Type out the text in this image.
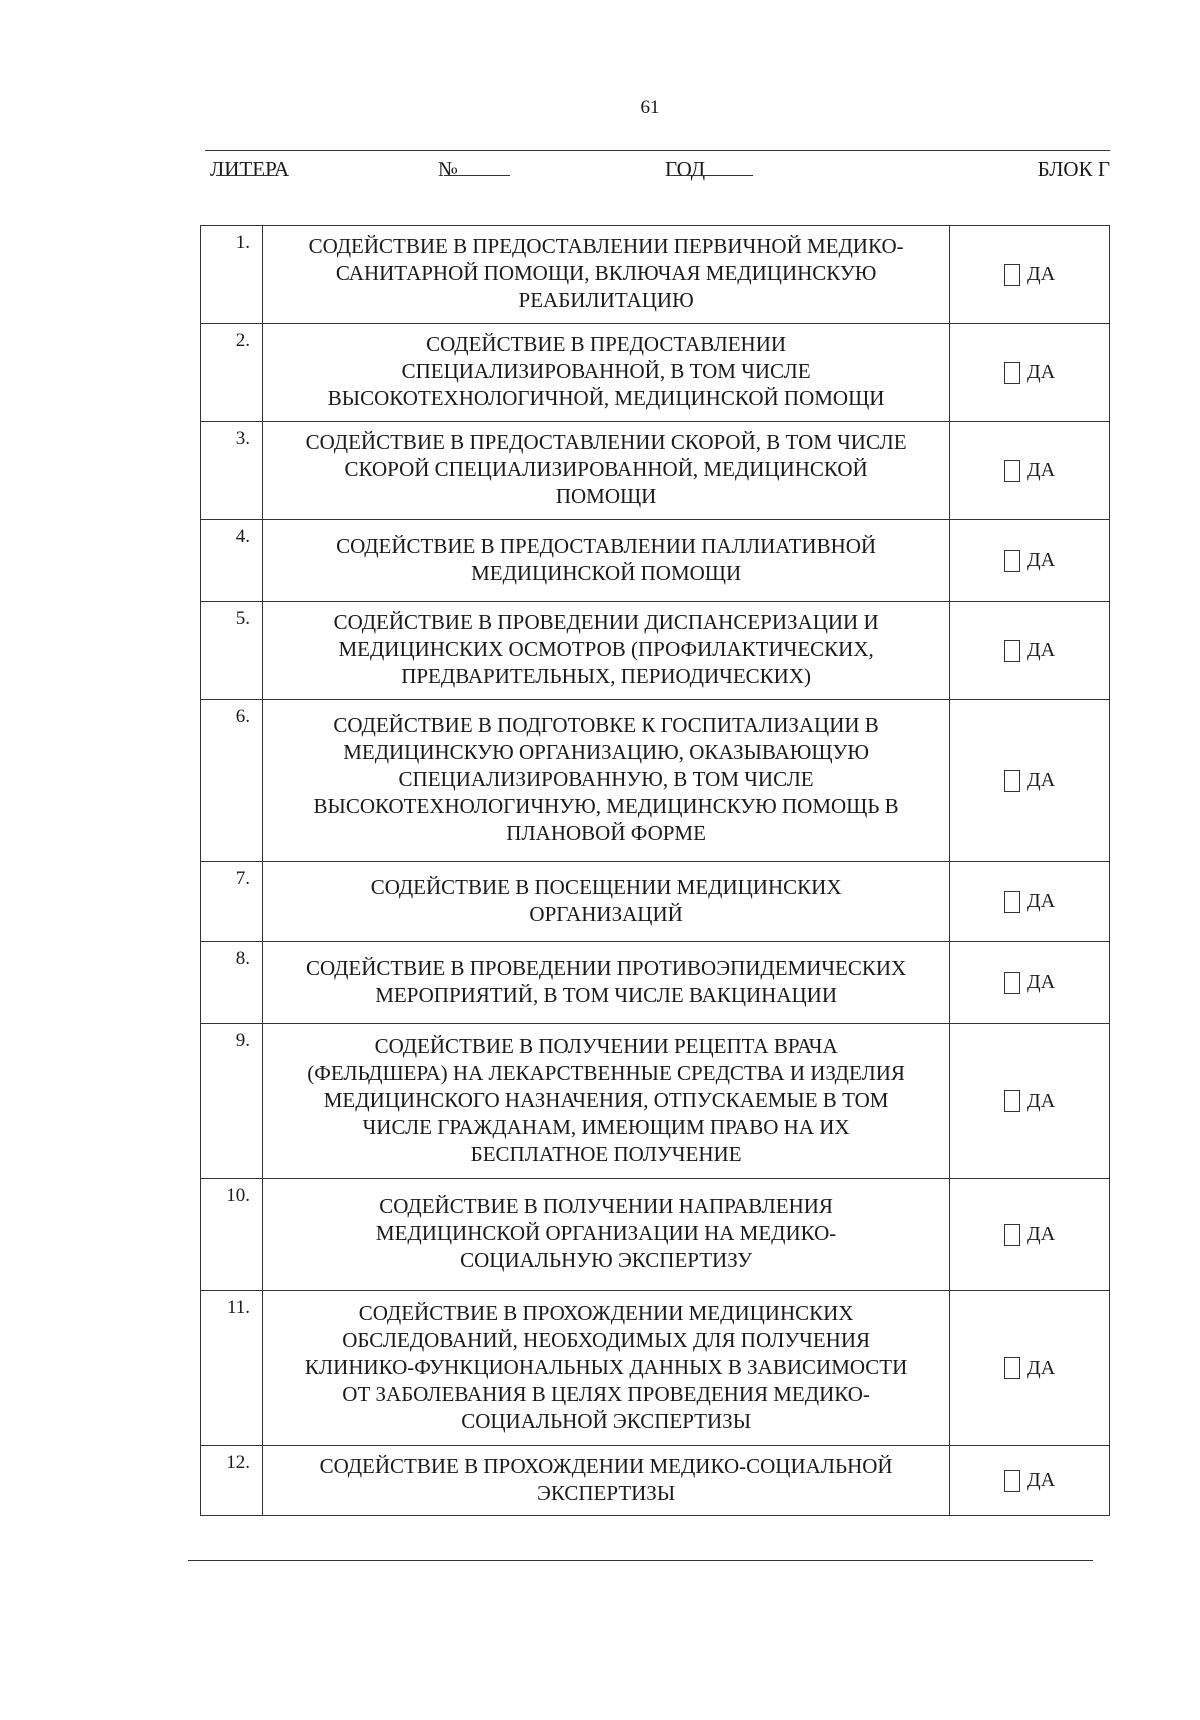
61
ЛИТЕРА	№	ГОД	БЛОК Г
1.	СОДЕЙСТВИЕ В ПРЕДОСТАВЛЕНИИ ПЕРВИЧНОЙ МЕДИКО-
САНИТАРНОЙ ПОМОЩИ, ВКЛЮЧАЯ МЕДИЦИНСКУЮ
РЕАБИЛИТАЦИЮ	ДА

2.	СОДЕЙСТВИЕ В ПРЕДОСТАВЛЕНИИ
СПЕЦИАЛИЗИРОВАННОЙ, В ТОМ ЧИСЛЕ
ВЫСОКОТЕХНОЛОГИЧНОЙ, МЕДИЦИНСКОЙ ПОМОЩИ	ДА

3.	СОДЕЙСТВИЕ В ПРЕДОСТАВЛЕНИИ СКОРОЙ, В ТОМ ЧИСЛЕ
СКОРОЙ СПЕЦИАЛИЗИРОВАННОЙ, МЕДИЦИНСКОЙ
ПОМОЩИ	ДА

4.	СОДЕЙСТВИЕ В ПРЕДОСТАВЛЕНИИ ПАЛЛИАТИВНОЙ
МЕДИЦИНСКОЙ ПОМОЩИ	ДА

5.	СОДЕЙСТВИЕ В ПРОВЕДЕНИИ ДИСПАНСЕРИЗАЦИИ И
МЕДИЦИНСКИХ ОСМОТРОВ (ПРОФИЛАКТИЧЕСКИХ,
ПРЕДВАРИТЕЛЬНЫХ, ПЕРИОДИЧЕСКИХ)	ДА

6.	СОДЕЙСТВИЕ В ПОДГОТОВКЕ К ГОСПИТАЛИЗАЦИИ В
МЕДИЦИНСКУЮ ОРГАНИЗАЦИЮ, ОКАЗЫВАЮЩУЮ
СПЕЦИАЛИЗИРОВАННУЮ, В ТОМ ЧИСЛЕ
ВЫСОКОТЕХНОЛОГИЧНУЮ, МЕДИЦИНСКУЮ ПОМОЩЬ В
ПЛАНОВОЙ ФОРМЕ	ДА

7.	СОДЕЙСТВИЕ В ПОСЕЩЕНИИ МЕДИЦИНСКИХ
ОРГАНИЗАЦИЙ	ДА

8.	СОДЕЙСТВИЕ В ПРОВЕДЕНИИ ПРОТИВОЭПИДЕМИЧЕСКИХ
МЕРОПРИЯТИЙ, В ТОМ ЧИСЛЕ ВАКЦИНАЦИИ	ДА

9.	СОДЕЙСТВИЕ В ПОЛУЧЕНИИ РЕЦЕПТА ВРАЧА
(ФЕЛЬДШЕРА) НА ЛЕКАРСТВЕННЫЕ СРЕДСТВА И ИЗДЕЛИЯ
МЕДИЦИНСКОГО НАЗНАЧЕНИЯ, ОТПУСКАЕМЫЕ В ТОМ
ЧИСЛЕ ГРАЖДАНАМ, ИМЕЮЩИМ ПРАВО НА ИХ
БЕСПЛАТНОЕ ПОЛУЧЕНИЕ	ДА

10.	СОДЕЙСТВИЕ В ПОЛУЧЕНИИ НАПРАВЛЕНИЯ
МЕДИЦИНСКОЙ ОРГАНИЗАЦИИ НА МЕДИКО-
СОЦИАЛЬНУЮ ЭКСПЕРТИЗУ	ДА

11.	СОДЕЙСТВИЕ В ПРОХОЖДЕНИИ МЕДИЦИНСКИХ
ОБСЛЕДОВАНИЙ, НЕОБХОДИМЫХ ДЛЯ ПОЛУЧЕНИЯ
КЛИНИКО-ФУНКЦИОНАЛЬНЫХ ДАННЫХ В ЗАВИСИМОСТИ
ОТ ЗАБОЛЕВАНИЯ В ЦЕЛЯХ ПРОВЕДЕНИЯ МЕДИКО-
СОЦИАЛЬНОЙ ЭКСПЕРТИЗЫ	ДА

12.	СОДЕЙСТВИЕ В ПРОХОЖДЕНИИ МЕДИКО-СОЦИАЛЬНОЙ
ЭКСПЕРТИЗЫ	ДА
